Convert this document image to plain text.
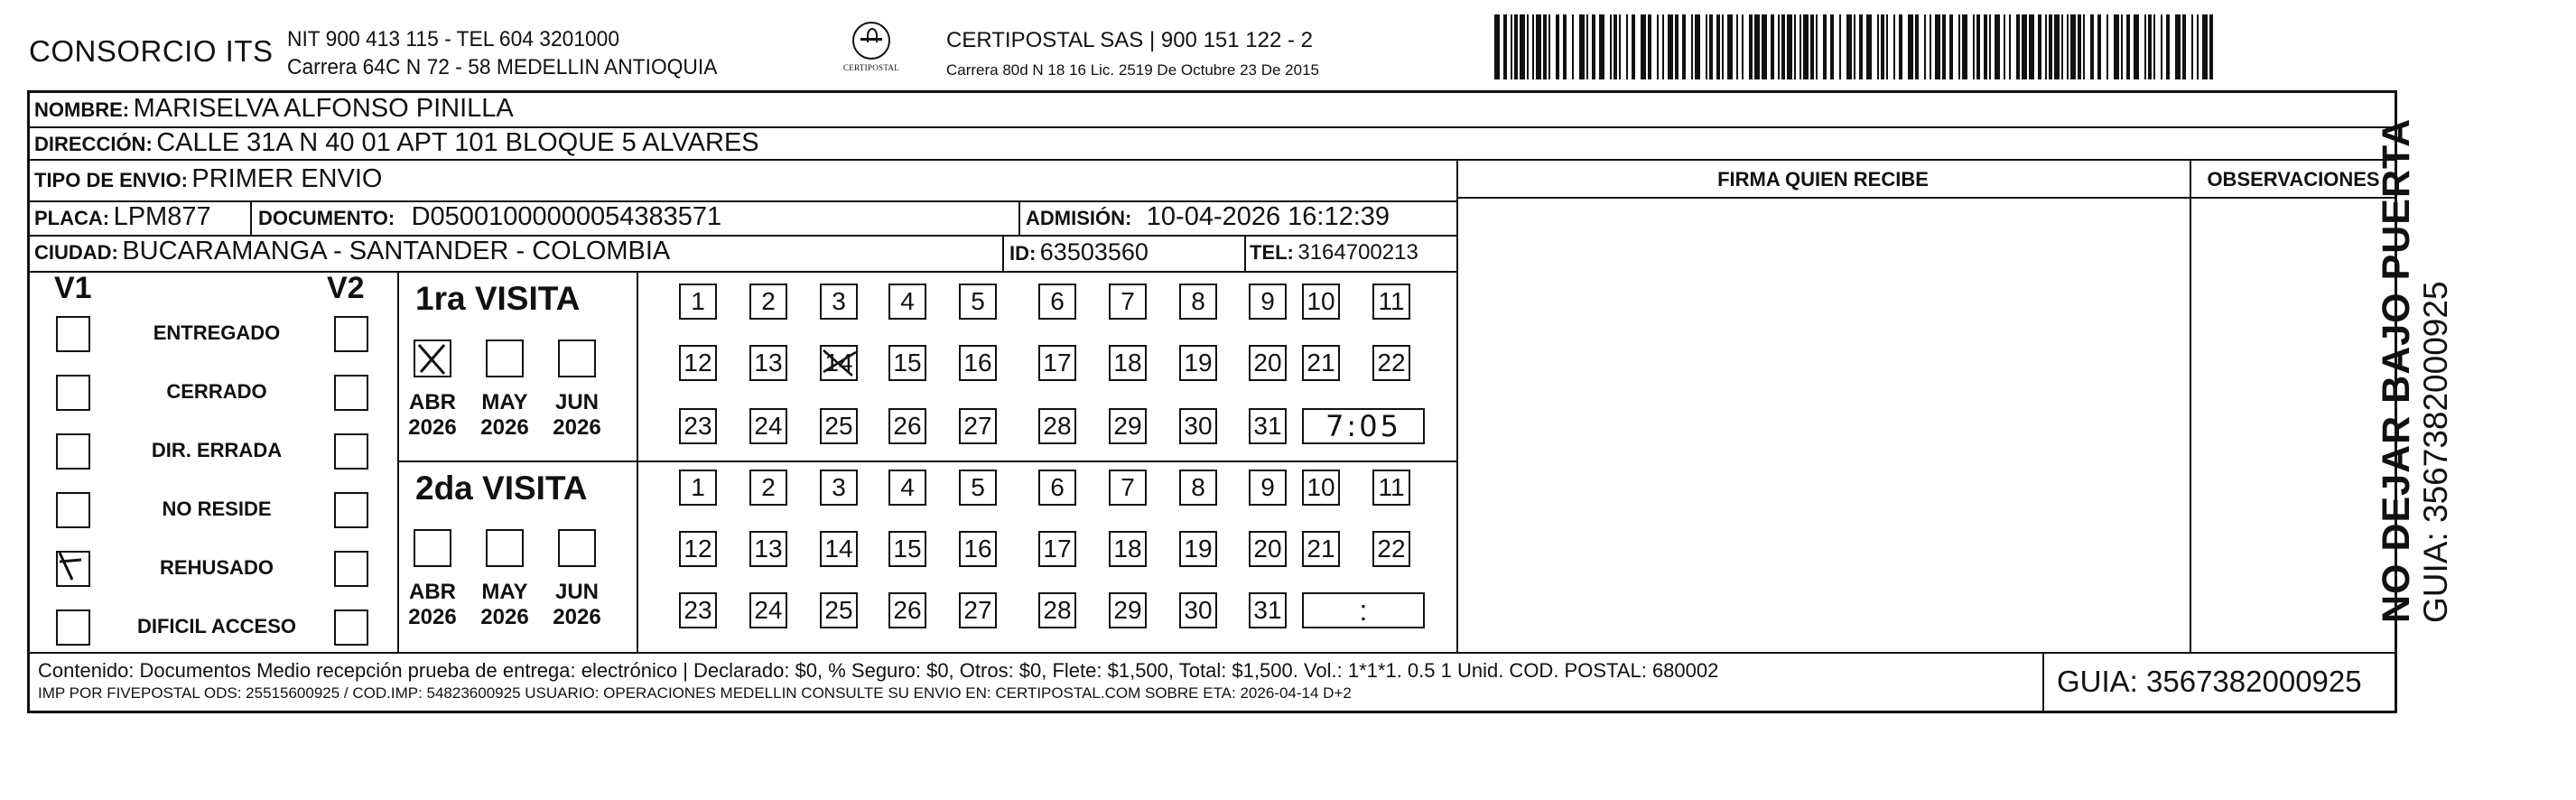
CONSORCIO ITS NIT 900 413 115 - TEL 604 3201000
Carrera 64C N 72 - 58 MEDELLIN ANTIOQUIA	CERTIPOSTAL
CERTIPOSTAL SAS | 900 151 122 - 2
Carrera 80d N 18 16 Lic. 2519 De Octubre 23 De 2015
NOMBRE: MARISELVA ALFONSO PINILLA
DIRECCIÓN: CALLE 31A N 40 01 APT 101 BLOQUE 5 ALVARES
TIPO DE ENVIO: PRIMER ENVIO	FIRMA QUIEN RECIBE	OBSERVACIONES
PLACA: LPM877 DOCUMENTO: D05001000000054383571	ADMISIÓN: 10-04-2026 16:12:39
CIUDAD: BUCARAMANGA - SANTANDER - COLOMBIA	ID: 63503560	TEL: 3164700213
V1	V2
ENTREGADO
CERRADO
DIR. ERRADA
NO RESIDE
REHUSADO
DIFICIL ACCESO
1ra VISITA
ABR
2026
MAY
2026
JUN
2026
1	2	3	4	5	6	7	8	9	10 11
12 13 14 15 16 17 18 19 20 21 22
23 24 25 26 27 28 29 30 31	7:05
2da VISITA
ABR
2026
MAY
2026
JUN
2026
1	2	3	4	5	6	7	8	9	10 11
12 13 14 15 16 17 18 19 20 21 22
23 24 25 26 27 28 29 30 31	:
Contenido: Documentos Medio recepción prueba de entrega: electrónico | Declarado: $0, % Seguro: $0, Otros: $0, Flete: $1,500, Total: $1,500. Vol.: 1*1*1. 0.5 1 Unid. COD. POSTAL: 680002
IMP POR FIVEPOSTAL ODS: 25515600925 / COD.IMP: 54823600925 USUARIO: OPERACIONES MEDELLIN CONSULTE SU ENVIO EN: CERTIPOSTAL.COM SOBRE ETA: 2026-04-14 D+2	GUIA: 3567382000925
NO DEJAR BAJO PUERTA GUIA: 3567382000925
